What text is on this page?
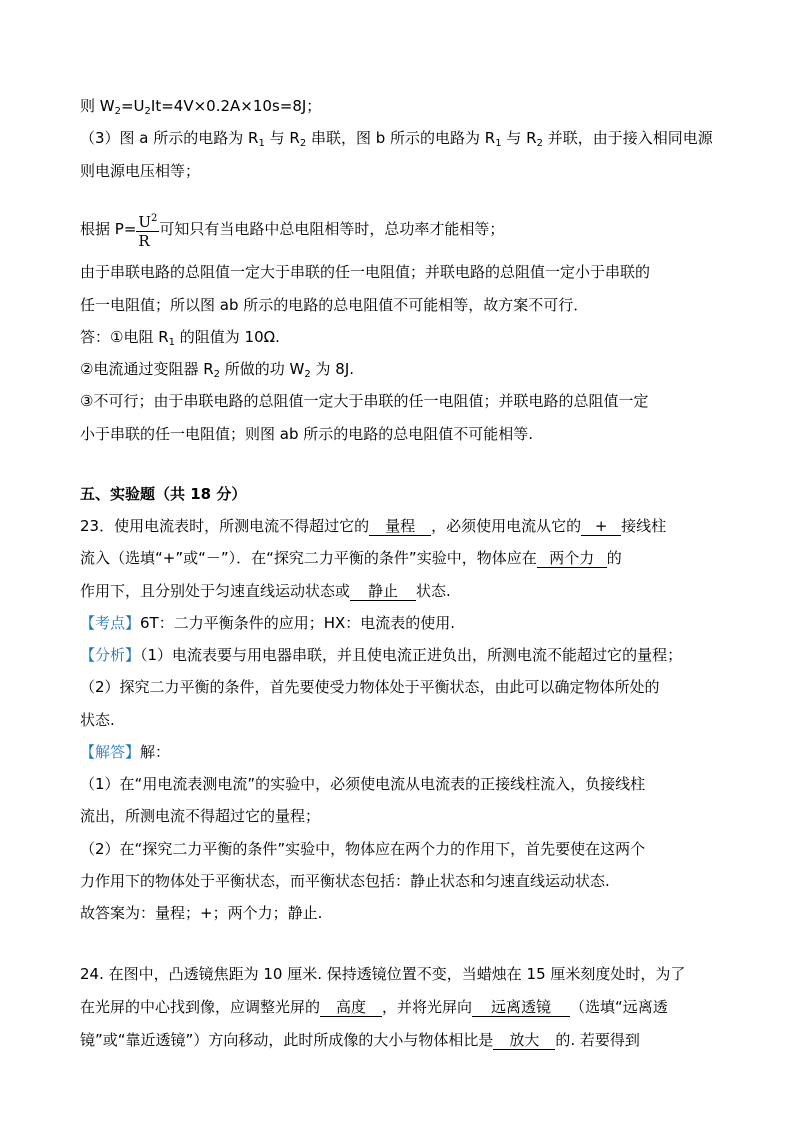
则 $W_2=U_2It=4V\times 0.2A\times 10s=8J$；
（3）图 a 所示的电路为 $R_1$ 与 $R_2$ 串联，图 b 所示的电路为 $R_1$ 与 $R_2$ 并联，由于接入相同电源
则电源电压相等；
根据 $P= \frac{U^2}{R}$ 可知只有当电路中总电阻相等时，总功率才能相等；
由于串联电路的总阻值一定大于串联的任一电阻值；并联电路的总阻值一定小于串联的
任一电阻值；所以图 ab 所示的电路的总电阻值不可能相等，故方案不可行．
答：①电阻 $R_1$ 的阻值为 10Ω.
②电流通过变阻器 $R_2$ 所做的功 $W_2$ 为 8J.
③不可行；由于串联电路的总阻值一定大于串联的任一电阻值；并联电路的总阻值一定
小于串联的任一电阻值；则图 ab 所示的电路的总电阻值不可能相等.
五、实验题（共 18 分）
23．使用电流表时，所测电流不得超过它的 量程 ，必须使用电流从它的 + 接线柱
流入（选填“+”或“－”）．在“探究二力平衡的条件”实验中，物体应在 两个力 的
作用下，且分别处于匀速直线运动状态或 静止 状态.
【考点】6T：二力平衡条件的应用；HX：电流表的使用.
【分析】（1）电流表要与用电器串联，并且使电流正进负出，所测电流不能超过它的量程；
（2）探究二力平衡的条件，首先要使受力物体处于平衡状态，由此可以确定物体所处的
状态.
【解答】解：
（1）在“用电流表测电流”的实验中，必须使电流从电流表的正接线柱流入，负接线柱
流出，所测电流不得超过它的量程；
（2）在“探究二力平衡的条件”实验中，物体应在两个力的作用下，首先要使在这两个
力作用下的物体处于平衡状态，而平衡状态包括：静止状态和匀速直线运动状态.
故答案为：量程；+；两个力；静止.
24. 在图中，凸透镜焦距为 10 厘米. 保持透镜位置不变，当蜡烛在 15 厘米刻度处时，为了
在光屏的中心找到像，应调整光屏的 高度 ，并将光屏向 远离透镜 （选填“远离透
镜”或“靠近透镜”）方向移动，此时所成像的大小与物体相比是 放大 的. 若要得到
